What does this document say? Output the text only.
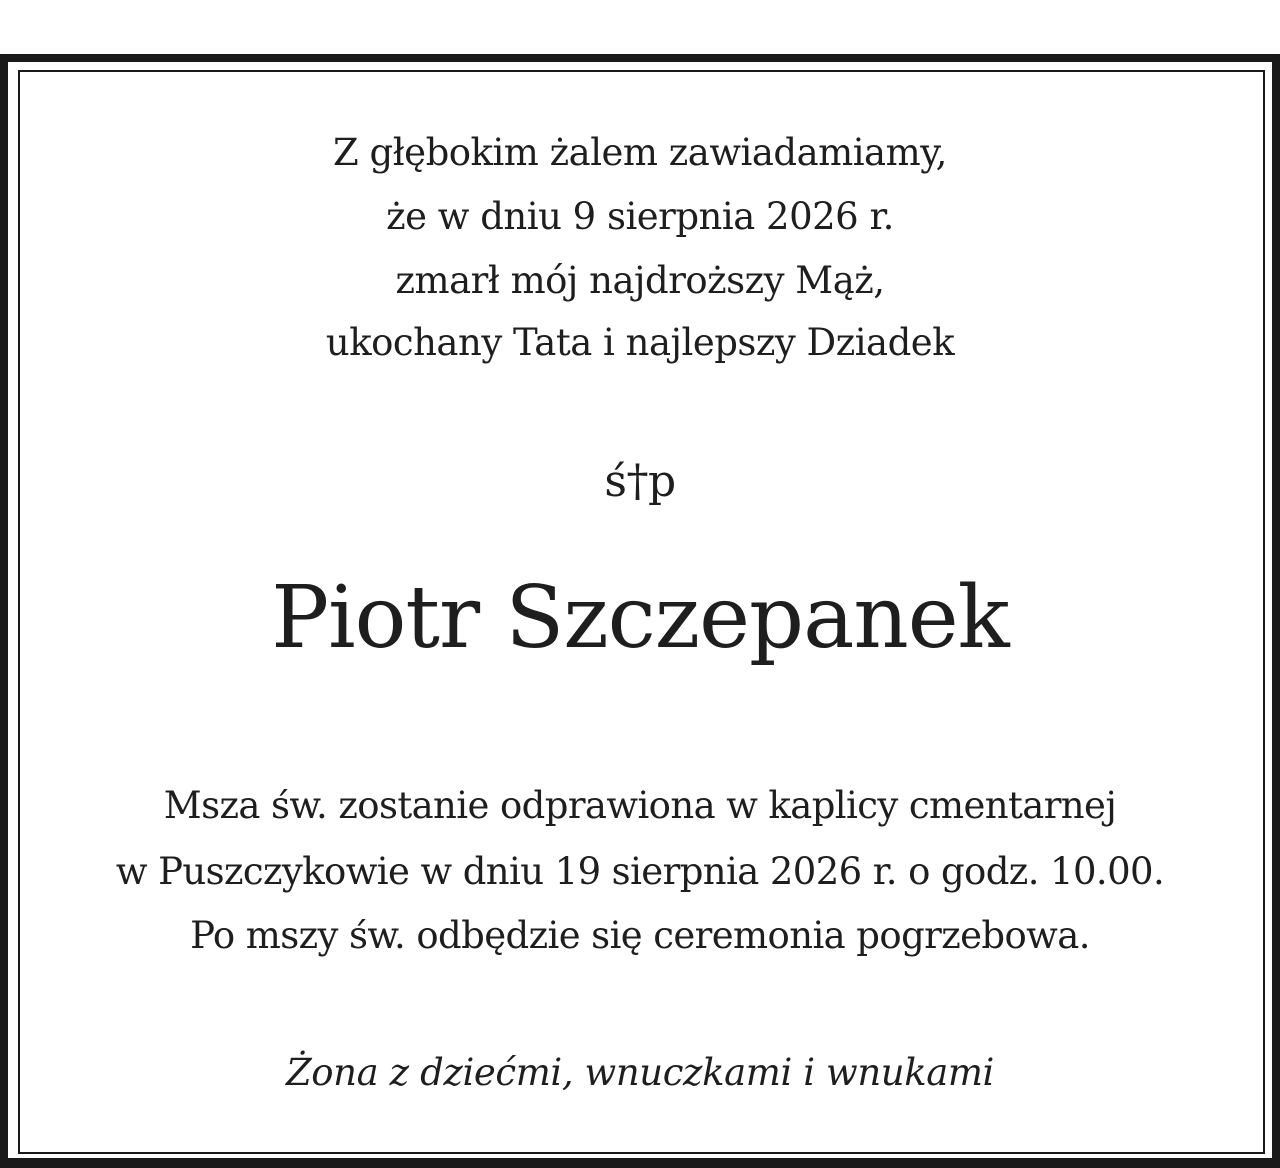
Z głębokim żalem zawiadamiamy,
że w dniu 9 sierpnia 2026 r.
zmarł mój najdroższy Mąż,
ukochany Tata i najlepszy Dziadek
ś†p
Piotr Szczepanek
Msza św. zostanie odprawiona w kaplicy cmentarnej
w Puszczykowie w dniu 19 sierpnia 2026 r. o godz. 10.00.
Po mszy św. odbędzie się ceremonia pogrzebowa.
Żona z dziećmi, wnuczkami i wnukami
